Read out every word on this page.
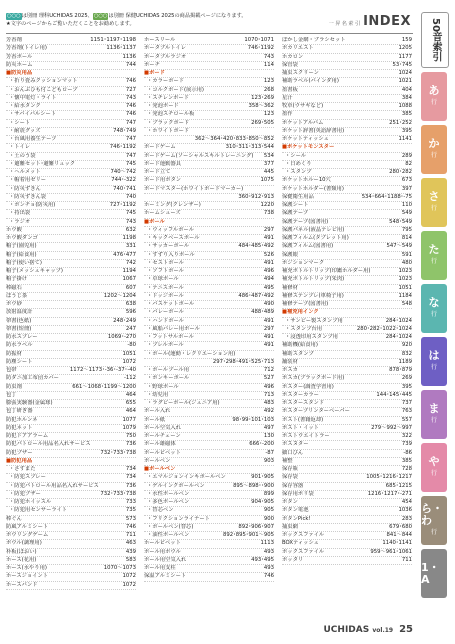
○○○は別冊 理科UCHIDAS 2025、○○○は別冊 保健UCHIDAS 2025の商品掲載ページになります。
★文字のページからご覧いただくことをお勧めします。	一 昇 名 索 引 INDEX
芳香剤	1151･1197･1198
芳香剤(トイレ用)	1136･1137
芳香ボール	1136
防災ホーム	744
■防災用品
・折り畳みクッションマット	746
・おんぶひも付こどもロープ	727
・懐中電灯・ライト	743
・給水タンク	746
・サバイバルシート	746
・シート	747
・耐震グッズ	748･749
・台風用養生テープ	747
・トイレ	746･1192
・土のう袋	747
・避難セット･避難リュック	745
・ヘルメット	740～742
・帽着用ゼリー	744･-322
・防災ずきん	740･741
・防災ずきん袋	740
・ボンチョ(防災用)	727･1192
・持出袋	745
・ラジオ	743
ホウ酸	632
ホウ酸ダンゴ	1198
帽子(園児用)	331
帽子(給食用)	476･477
帽子(使い捨て)	742
帽子(メッシュキャップ)	1194
帽子掛け	1067
棒磁石	607
ほうじ茶	1202～1204
ボウ砂	638
放射温度計	596
帯書(色紙)	248･249
帯書(短冊)	247
防水スプレー	1069･-270
防水ラベル	-80
防振材	1051
防塵シート	1072
包帯	1172～1173･-36･-37･-40
防ダニ加工布団カバー	-112
防虫剤	661～1068･1199～1200
包丁	464
膨張実験器(金属球)	655
包丁研ぎ器	464
防犯ホルンネ	1077
防犯ネット	1079
防犯ドアアラーム	750
防犯パトロール用品名入れサービス	736
防犯ブザー	732･733･738
■防犯用品
・さすまた	734
・防犯スプレー	734
・防犯パトロール用品名入れサービス	736
・防犯ブザー	732･733･738
・防犯ホイッスル	733
・防犯用センサーライト	735
棒ぐん	573
防風アルミシート	746
ボウリングゲーム	711
ボウル(調理用)	463
朴板(ほおい)	439
ホース(花用)	583
ホース(水やり用)	1070～1073
ホースジョイント	1072
ホースバンド	1072
ホースリール	1070･1071
ポータブルトイレ	746･1192
ポータブルラジオ	743
ポーチ	114
■ボード
・カラーボード	123
・コルクボード(展示用)	268
・スチレンボード	123･269
・発泡ボード	358～362
・発泡スチロール板	123
・ブラックボード	269･505
・ホワイトボード

362～364･420･833･850～852
ボードゲーム	310･311･313･544
ボードゲーム(ソーシャルスキルトレーニング)	534
ボード運動器具	377
ボード立て	445
ボード用ボタン	1075
ボードマスター(ホワイトボードマーカー)

360･912･913
ホーミング(クレンザー)	1220
ホームシューズ	738
■ボール
・ウィッフルボール	297
・キックベースボール	491
・サッカーボール	484･485･492
・すずり入りボール	526
・セストボール	491
・ソフトボール	496
・卓球ボール	494
・テニスボール	495
・ドッジボール	486･487･492
・バスケットボール	490
・バレーボール	488･489
・ハンドボール	491
・風船バレー用ボール	297
・フットサルボール	491
・プレルボール	491
・ボール(運動・レクリエーション用)

297･298･491･525･713
・ボールプール用	712
・ポンキーボール	527
・野球ボール	496
・幼児用	713
・ラグビーボール(ジュニア用)	483
ボール入れ	492
ボール紙	98･99･101･103
ボール空気入れ	497
ボールチェーン	130
ボール雄磁体	666･-200
ボールピペット	-87
ボールペン	903
■ボールペン
・エマルジョンインキボールペン	901･905
・ゲルインクボールペン	895～898･･900
・水性ボールペン	899
・多色ボールペン	904･905
・替芯ペン	905
・フリクションライナート	900
・ボールペン(替芯)	892･906･907
・油性ボールペン	892･895･901～905
ホールピペット	1113
ボール用ボウル	493
ボール用空気入れ	493･495
ボール用支柱	493
保温アルミシート	746
ぼかし金網・ブラシセット	159
ボカリエスト	1205
ホカロン	1177
保管袋	53･745
捕虫スクリーン	1024
補助ラベル(バインダ用)	1021
墨書板	404
星汁	384
牧草(ウサギなど)	1088
墨作	385
ポケットアルバム	251･252
ポケット辞書(英語辞書用)	395
ポケットティッシュ	1141
■ポケットモンスター
・シール	289
・日めくり	82
・スタンプ	280･282
ポケットホルー10穴	673
ポケットホルダー(書類用)	397
保健衛生用品	534･664･1188･-75
保護シート	110
保護テープ	549
保護テープ(図書用)	548･549
保護パネル(液晶テレビ用)	795
保護フィルム(タブレット用)	814
保護フィルム(図書用)	547～549
保護眼	591
ポジションマーク	480
補充ボトルトリップ(印鑑ホルダー用)	1023
補充ボトルトリップ(朱肉)	1023
補修材	1051
補修ステンプレ(車椅子用)	1184
補修テープ(図書用)	548
■補充用インク
・サンビー製スタンプ用	284･1024
・スタンプ台用	280･282･1022･1024
・浸透印用スタンプ用	284･1024
補助機(給食用)	920
補助スタンプ	832
舗装材	1189
ボスカ	878･879
ポスカ(ブラックボード用)	269
ポスター(調査学習用)	395
ポスターカラー	144･145･445
ポスタースタンド	737
ポスタープリンターペーパー	763
ボスト(書籍返却)	557
ポスト・イット	279～992～997
ポストウエイトラー	322
ボスヌター	739
細口びん	-86
補整	385
保存瓶	728
保存袋	1005･1216･1217
保存容器	685･1215
保存用ポリ袋	1216･1217･-271
ボタン	454
ボタン電池	1036
ボタンPick!	283
捕虫網	679･680
ボックスファイル	841～844
BOXティッシュ	1140･1141
ボックスファイル	959～961･1061
ボッタリ	711
50音索引
あ
行
か
行
さ
行
た
行
な
行
は
行
ま
行
や
行
ら・わ
行
1・A
UCHIDAS vol.19 25
